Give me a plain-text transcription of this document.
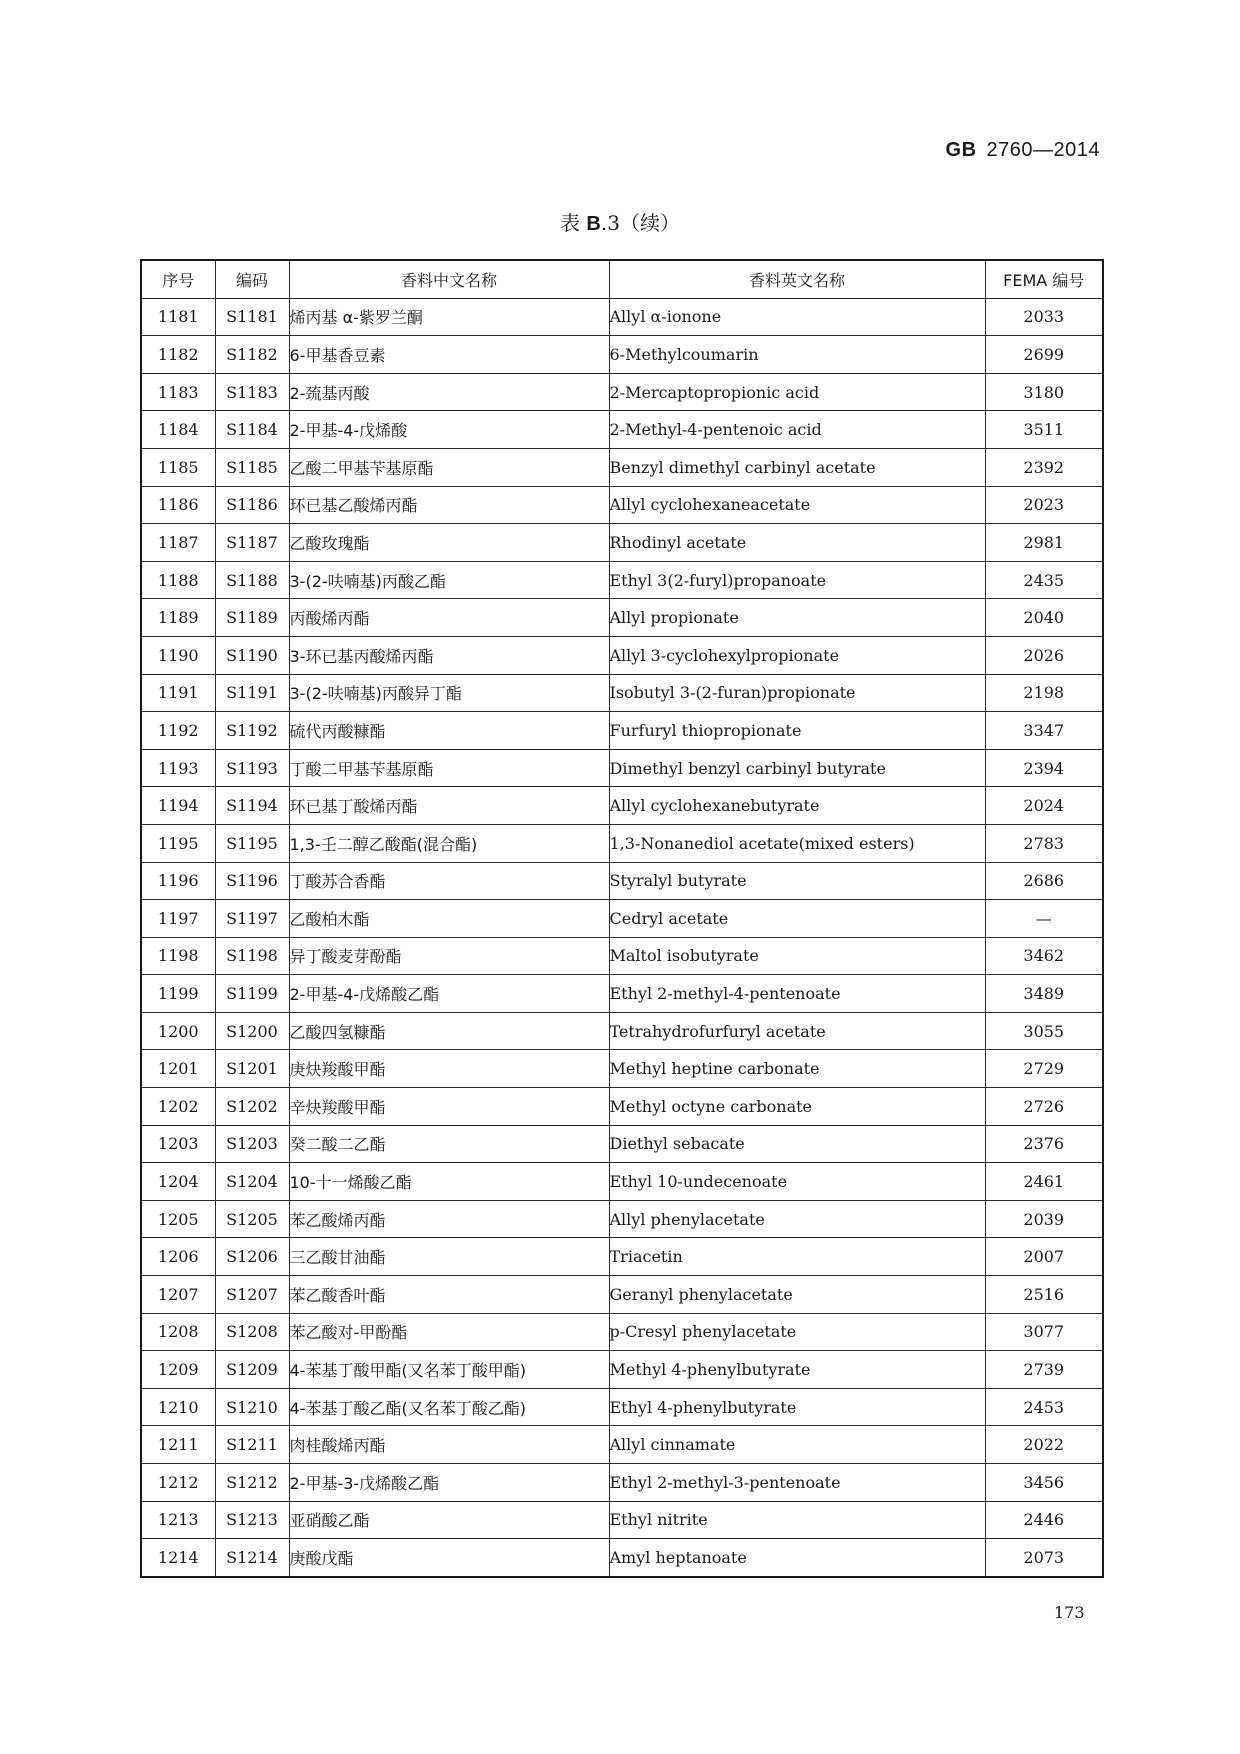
GB 2760—2014
表 B.3（续）
序号	编码	香料中文名称	香料英文名称	FEMA 编号
1181	S1181	烯丙基 α-紫罗兰酮	Allyl α-ionone	2033
1182	S1182	6-甲基香豆素	6-Methylcoumarin	2699
1183	S1183	2-巯基丙酸	2-Mercaptopropionic acid	3180
1184	S1184	2-甲基-4-戊烯酸	2-Methyl-4-pentenoic acid	3511
1185	S1185	乙酸二甲基苄基原酯	Benzyl dimethyl carbinyl acetate	2392
1186	S1186	环已基乙酸烯丙酯	Allyl cyclohexaneacetate	2023
1187	S1187	乙酸玫瑰酯	Rhodinyl acetate	2981
1188	S1188	3-(2-呋喃基)丙酸乙酯	Ethyl 3(2-furyl)propanoate	2435
1189	S1189	丙酸烯丙酯	Allyl propionate	2040
1190	S1190	3-环已基丙酸烯丙酯	Allyl 3-cyclohexylpropionate	2026
1191	S1191	3-(2-呋喃基)丙酸异丁酯	Isobutyl 3-(2-furan)propionate	2198
1192	S1192	硫代丙酸糠酯	Furfuryl thiopropionate	3347
1193	S1193	丁酸二甲基苄基原酯	Dimethyl benzyl carbinyl butyrate	2394
1194	S1194	环已基丁酸烯丙酯	Allyl cyclohexanebutyrate	2024
1195	S1195	1,3-壬二醇乙酸酯(混合酯)	1,3-Nonanediol acetate(mixed esters)	2783
1196	S1196	丁酸苏合香酯	Styralyl butyrate	2686
1197	S1197	乙酸柏木酯	Cedryl acetate	—
1198	S1198	异丁酸麦芽酚酯	Maltol isobutyrate	3462
1199	S1199	2-甲基-4-戊烯酸乙酯	Ethyl 2-methyl-4-pentenoate	3489
1200	S1200	乙酸四氢糠酯	Tetrahydrofurfuryl acetate	3055
1201	S1201	庚炔羧酸甲酯	Methyl heptine carbonate	2729
1202	S1202	辛炔羧酸甲酯	Methyl octyne carbonate	2726
1203	S1203	癸二酸二乙酯	Diethyl sebacate	2376
1204	S1204	10-十一烯酸乙酯	Ethyl 10-undecenoate	2461
1205	S1205	苯乙酸烯丙酯	Allyl phenylacetate	2039
1206	S1206	三乙酸甘油酯	Triacetin	2007
1207	S1207	苯乙酸香叶酯	Geranyl phenylacetate	2516
1208	S1208	苯乙酸对-甲酚酯	p-Cresyl phenylacetate	3077
1209	S1209	4-苯基丁酸甲酯(又名苯丁酸甲酯)	Methyl 4-phenylbutyrate	2739
1210	S1210	4-苯基丁酸乙酯(又名苯丁酸乙酯)	Ethyl 4-phenylbutyrate	2453
1211	S1211	肉桂酸烯丙酯	Allyl cinnamate	2022
1212	S1212	2-甲基-3-戊烯酸乙酯	Ethyl 2-methyl-3-pentenoate	3456
1213	S1213	亚硝酸乙酯	Ethyl nitrite	2446
1214	S1214	庚酸戊酯	Amyl heptanoate	2073
173
